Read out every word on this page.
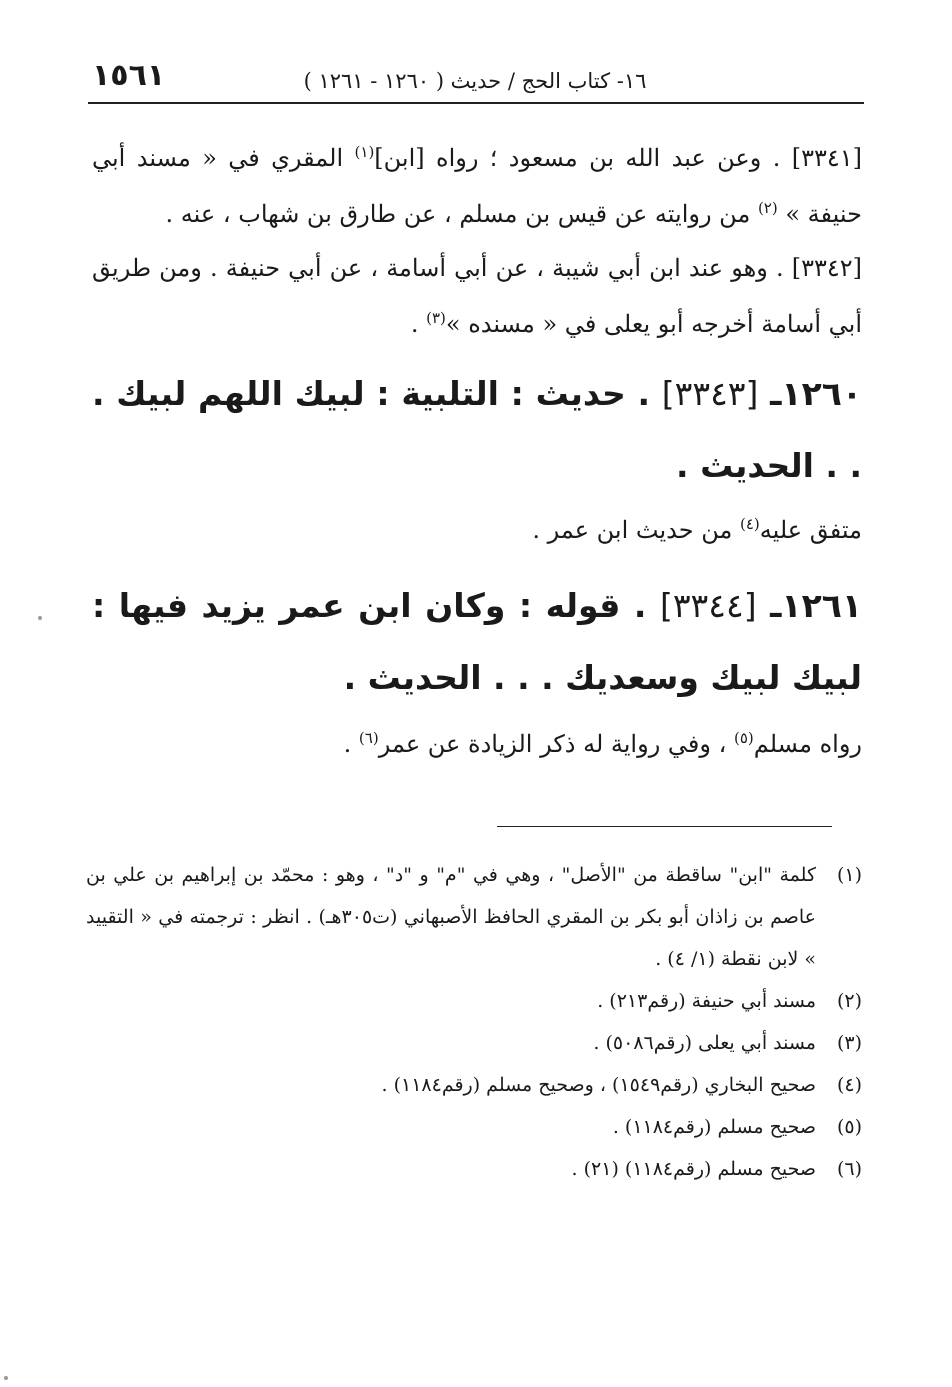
١٥٦١	١٦- كتاب الحج / حديث ( ١٢٦٠ - ١٢٦١ )
[٣٣٤١] . وعن عبد الله بن مسعود ؛ رواه [ابن]$^{(١)}$ المقري في « مسند أبي حنيفة » $^{(٢)}$ من روايته عن قيس بن مسلم ، عن طارق بن شهاب ، عنه .
[٣٣٤٢] . وهو عند ابن أبي شيبة ، عن أبي أسامة ، عن أبي حنيفة . ومن طريق أبي أسامة أخرجه أبو يعلى في « مسنده »$^{(٣)}$ .
١٢٦٠ـ [٣٣٤٣] . حديث : التلبية : لبيك اللهم لبيك . . . الحديث .
متفق عليه$^{(٤)}$ من حديث ابن عمر .
١٢٦١ـ [٣٣٤٤] . قوله : وكان ابن عمر يزيد فيها : لبيك لبيك وسعديك . . . الحديث .
رواه مسلم$^{(٥)}$ ، وفي رواية له ذكر الزيادة عن عمر$^{(٦)}$ .
(١)
كلمة "ابن" ساقطة من "الأصل" ، وهي في "م" و "د" ، وهو : محمّد بن إبراهيم بن علي بن عاصم بن زاذان أبو بكر بن المقري الحافظ الأصبهاني (ت٣٠٥هـ) . انظر : ترجمته في « التقييد » لابن نقطة (١/ ٤) .
(٢)
مسند أبي حنيفة (رقم٢١٣) .
(٣)
مسند أبي يعلى (رقم٥٠٨٦) .
(٤)
صحيح البخاري (رقم١٥٤٩) ، وصحيح مسلم (رقم١١٨٤) .
(٥)
صحيح مسلم (رقم١١٨٤) .
(٦)
صحيح مسلم (رقم١١٨٤) (٢١) .
